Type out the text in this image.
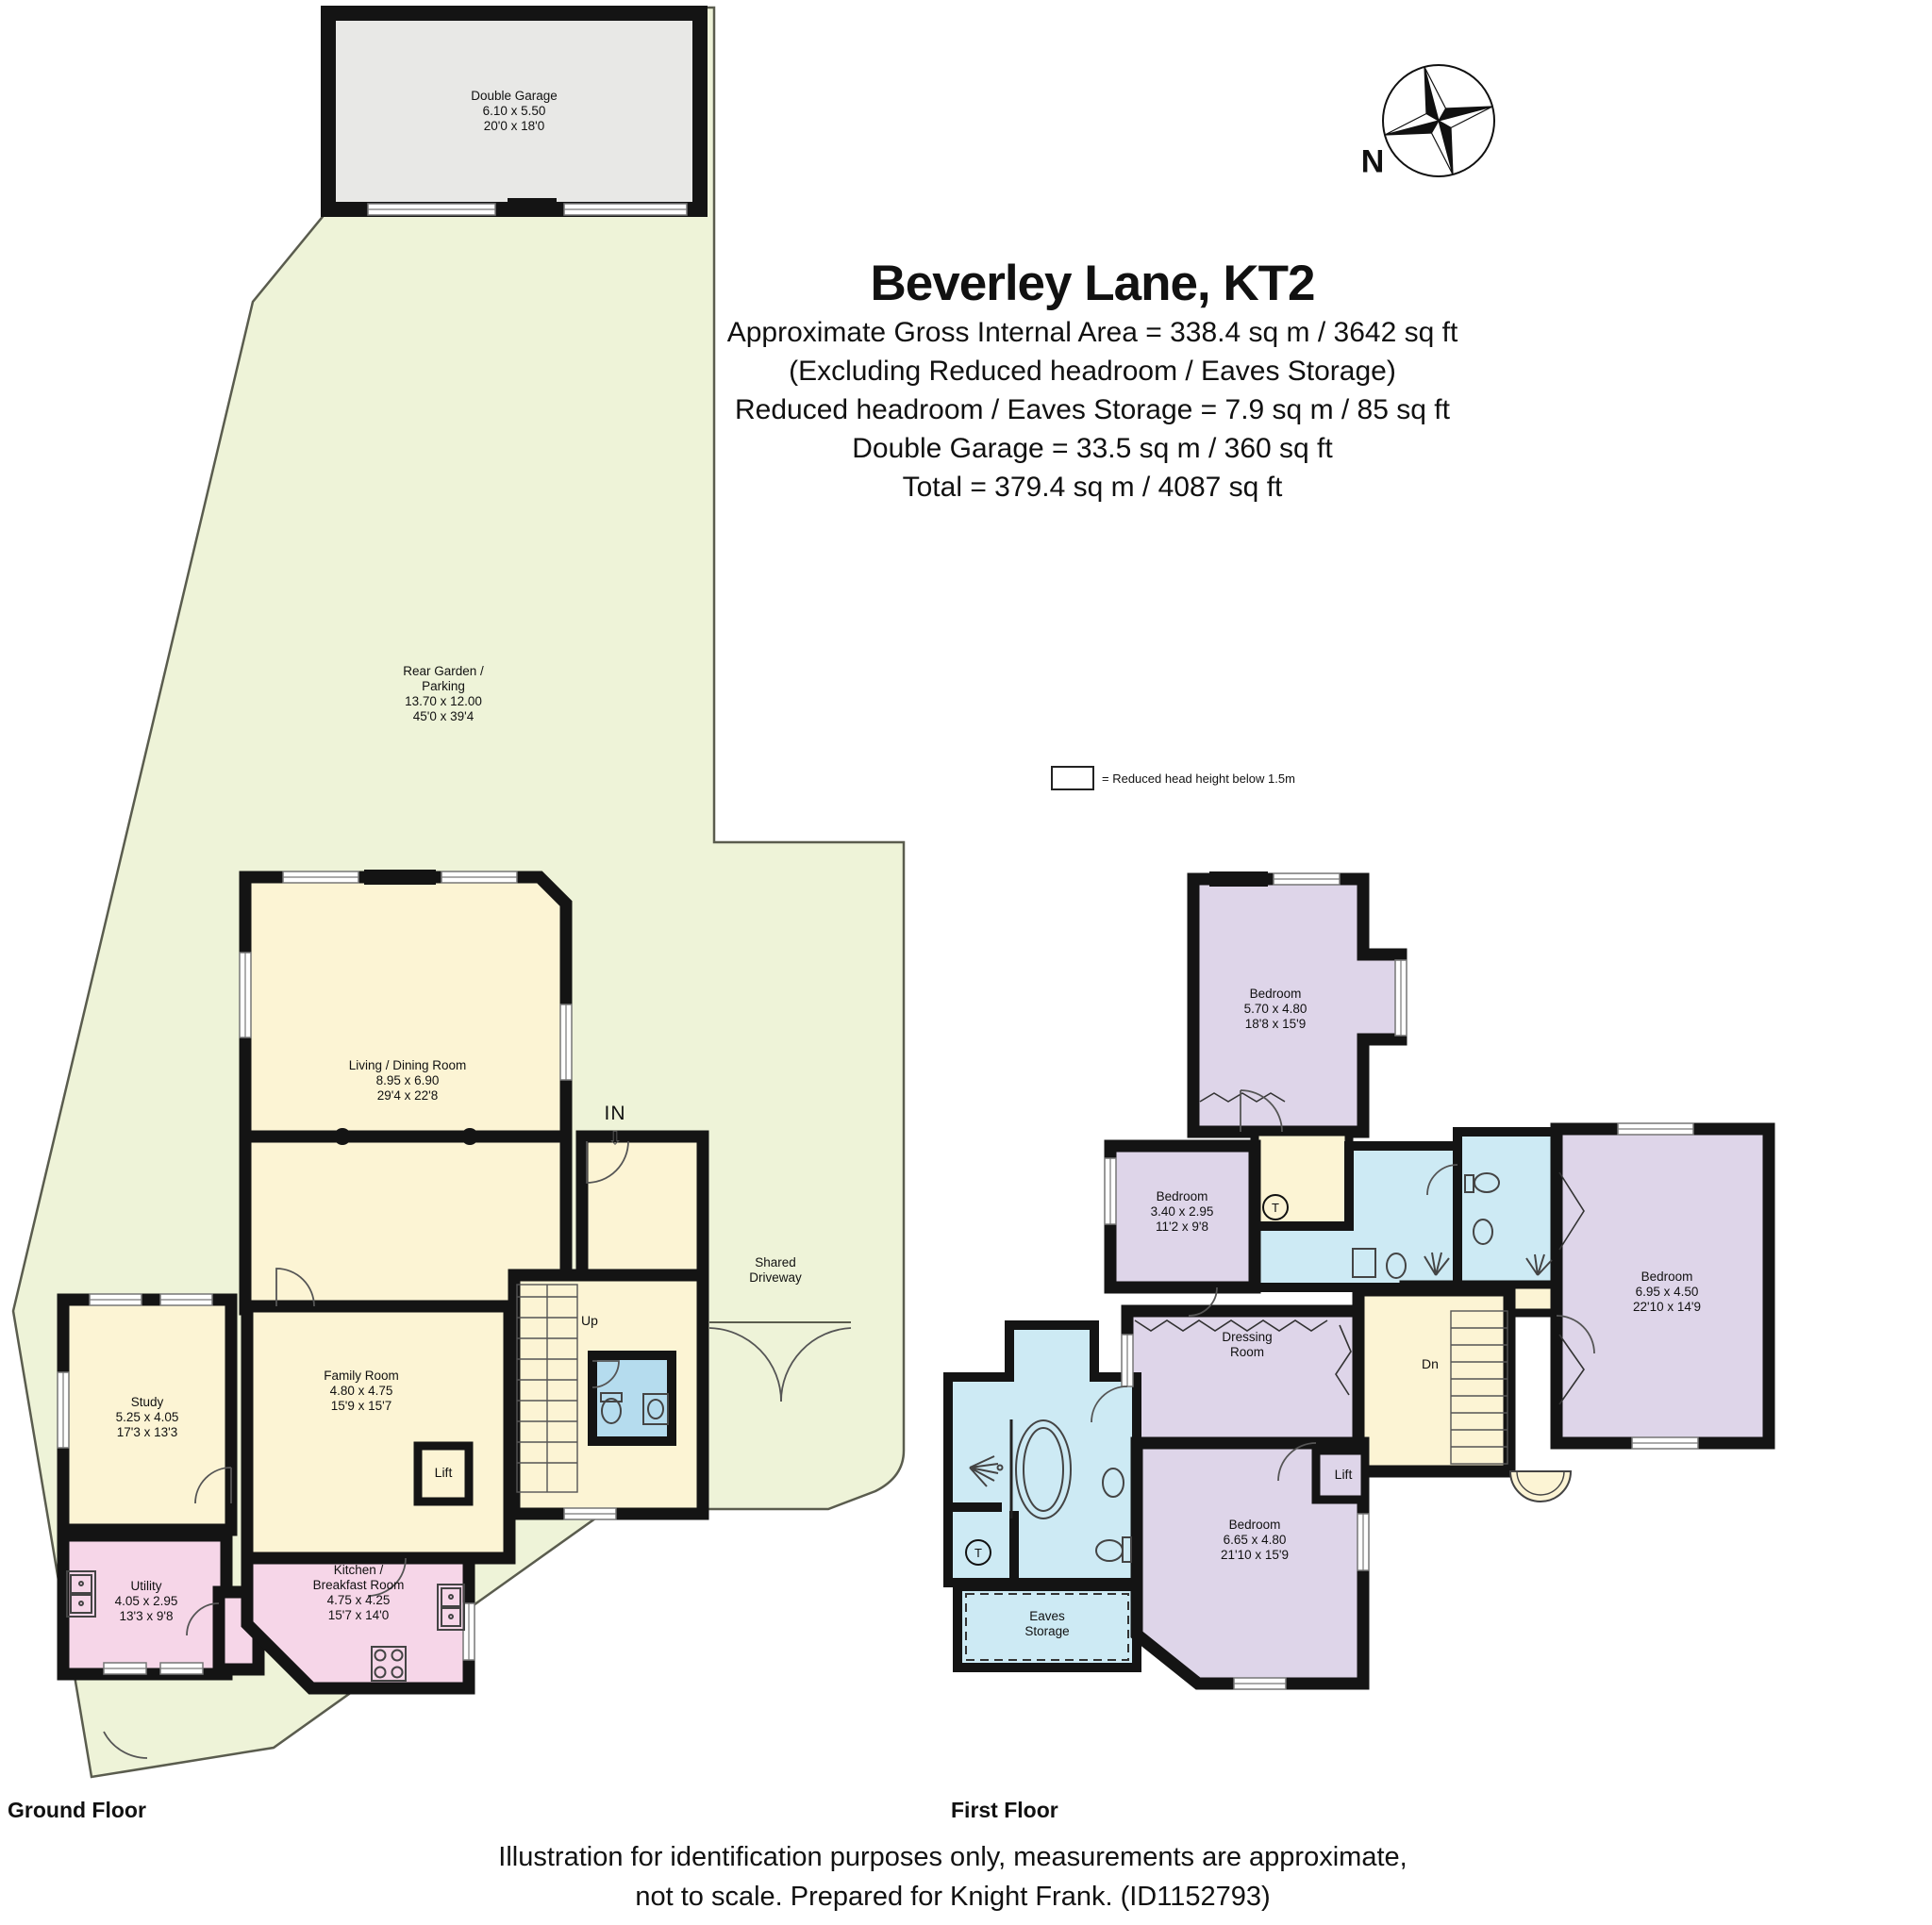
Beverley Lane, KT2
Approximate Gross Internal Area = 338.4 sq m / 3642 sq ft
(Excluding Reduced headroom / Eaves Storage)
Reduced headroom / Eaves Storage = 7.9 sq m / 85 sq ft
Double Garage = 33.5 sq m / 360 sq ft
Total = 379.4 sq m / 4087 sq ft
N
= Reduced head height below 1.5m
Double Garage
6.10 x 5.50
20'0 x 18'0
Rear Garden /
Parking
13.70 x 12.00
45'0 x 39'4
Living / Dining Room
8.95 x 6.90
29'4 x 22'8
IN
⇩
Study
5.25 x 4.05
17'3 x 13'3
Family Room
4.80 x 4.75
15'9 x 15'7
Lift
Up
Utility
4.05 x 2.95
13'3 x 9'8
Kitchen /
Breakfast Room
4.75 x 4.25
15'7 x 14'0
Shared
Driveway
Bedroom
5.70 x 4.80
18'8 x 15'9
Bedroom
3.40 x 2.95
11'2 x 9'8
Bedroom
6.95 x 4.50
22'10 x 14'9
Bedroom
6.65 x 4.80
21'10 x 15'9
Dressing
Room
Eaves
Storage
Lift
Dn
T
T
Ground Floor	First Floor
Illustration for identification purposes only, measurements are approximate,
not to scale. Prepared for Knight Frank. (ID1152793)
